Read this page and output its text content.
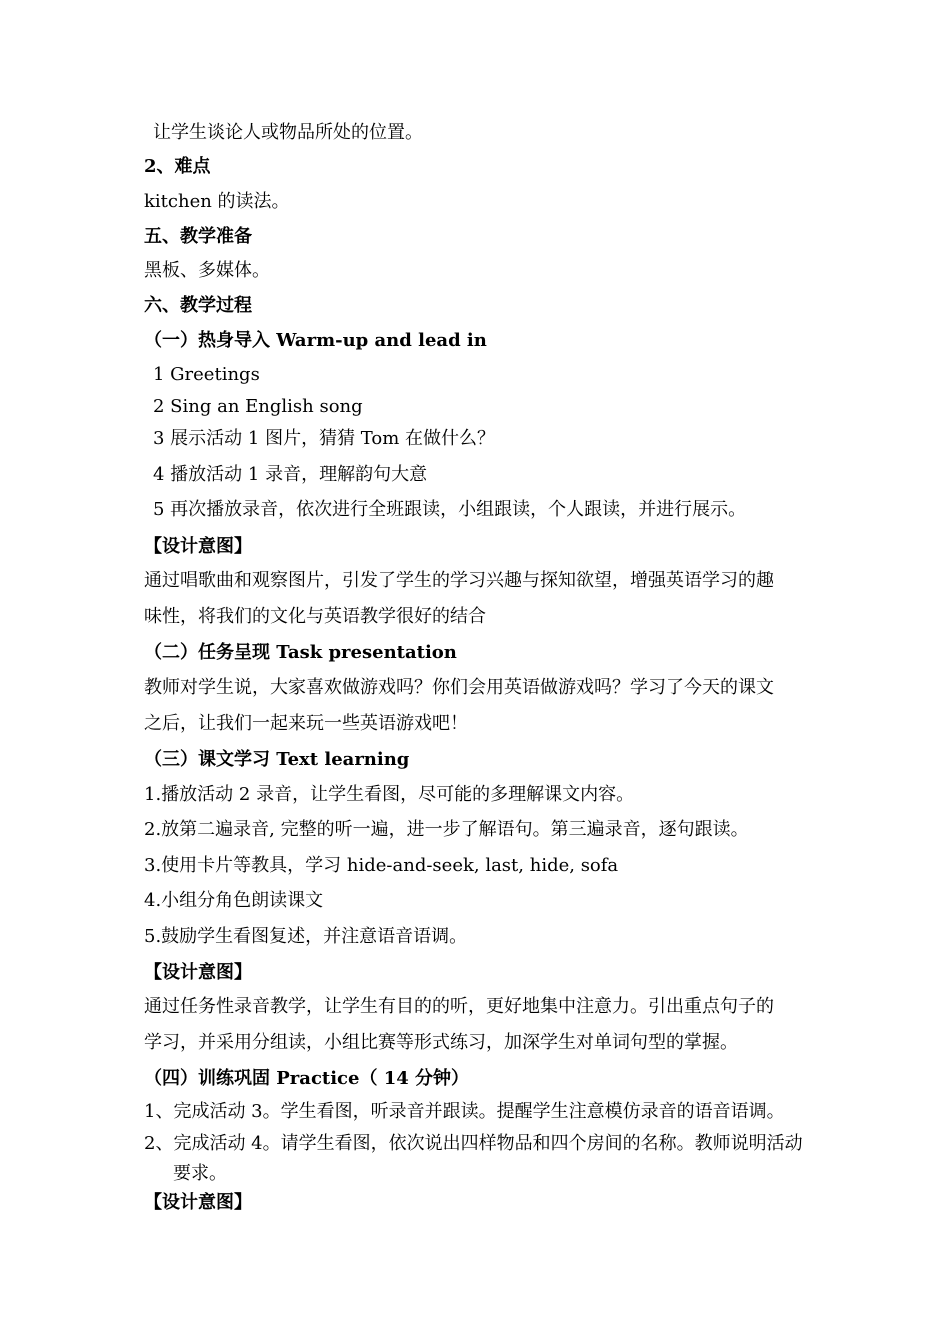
让学生谈论人或物品所处的位置。
2、难点
kitchen 的读法。
五、教学准备
黑板、多媒体。
六、教学过程
（一）热身导入 Warm-up and lead in
1 Greetings
2 Sing an English song
3 展示活动 1 图片，猜猜 Tom 在做什么？
4 播放活动 1 录音，理解韵句大意
5 再次播放录音，依次进行全班跟读，小组跟读，个人跟读，并进行展示。
【设计意图】
通过唱歌曲和观察图片，引发了学生的学习兴趣与探知欲望，增强英语学习的趣
味性，将我们的文化与英语教学很好的结合
（二）任务呈现 Task presentation
教师对学生说，大家喜欢做游戏吗？你们会用英语做游戏吗？学习了今天的课文
之后，让我们一起来玩一些英语游戏吧！
（三）课文学习 Text learning
1.播放活动 2 录音，让学生看图，尽可能的多理解课文内容。
2.放第二遍录音, 完整的听一遍，进一步了解语句。第三遍录音，逐句跟读。
3.使用卡片等教具，学习 hide-and-seek, last, hide, sofa
4.小组分角色朗读课文
5.鼓励学生看图复述，并注意语音语调。
【设计意图】
通过任务性录音教学，让学生有目的的听，更好地集中注意力。引出重点句子的
学习，并采用分组读，小组比赛等形式练习，加深学生对单词句型的掌握。
（四）训练巩固 Practice（ 14 分钟）
1、完成活动 3。学生看图，听录音并跟读。提醒学生注意模仿录音的语音语调。
2、完成活动 4。请学生看图，依次说出四样物品和四个房间的名称。教师说明活动
要求。
【设计意图】
